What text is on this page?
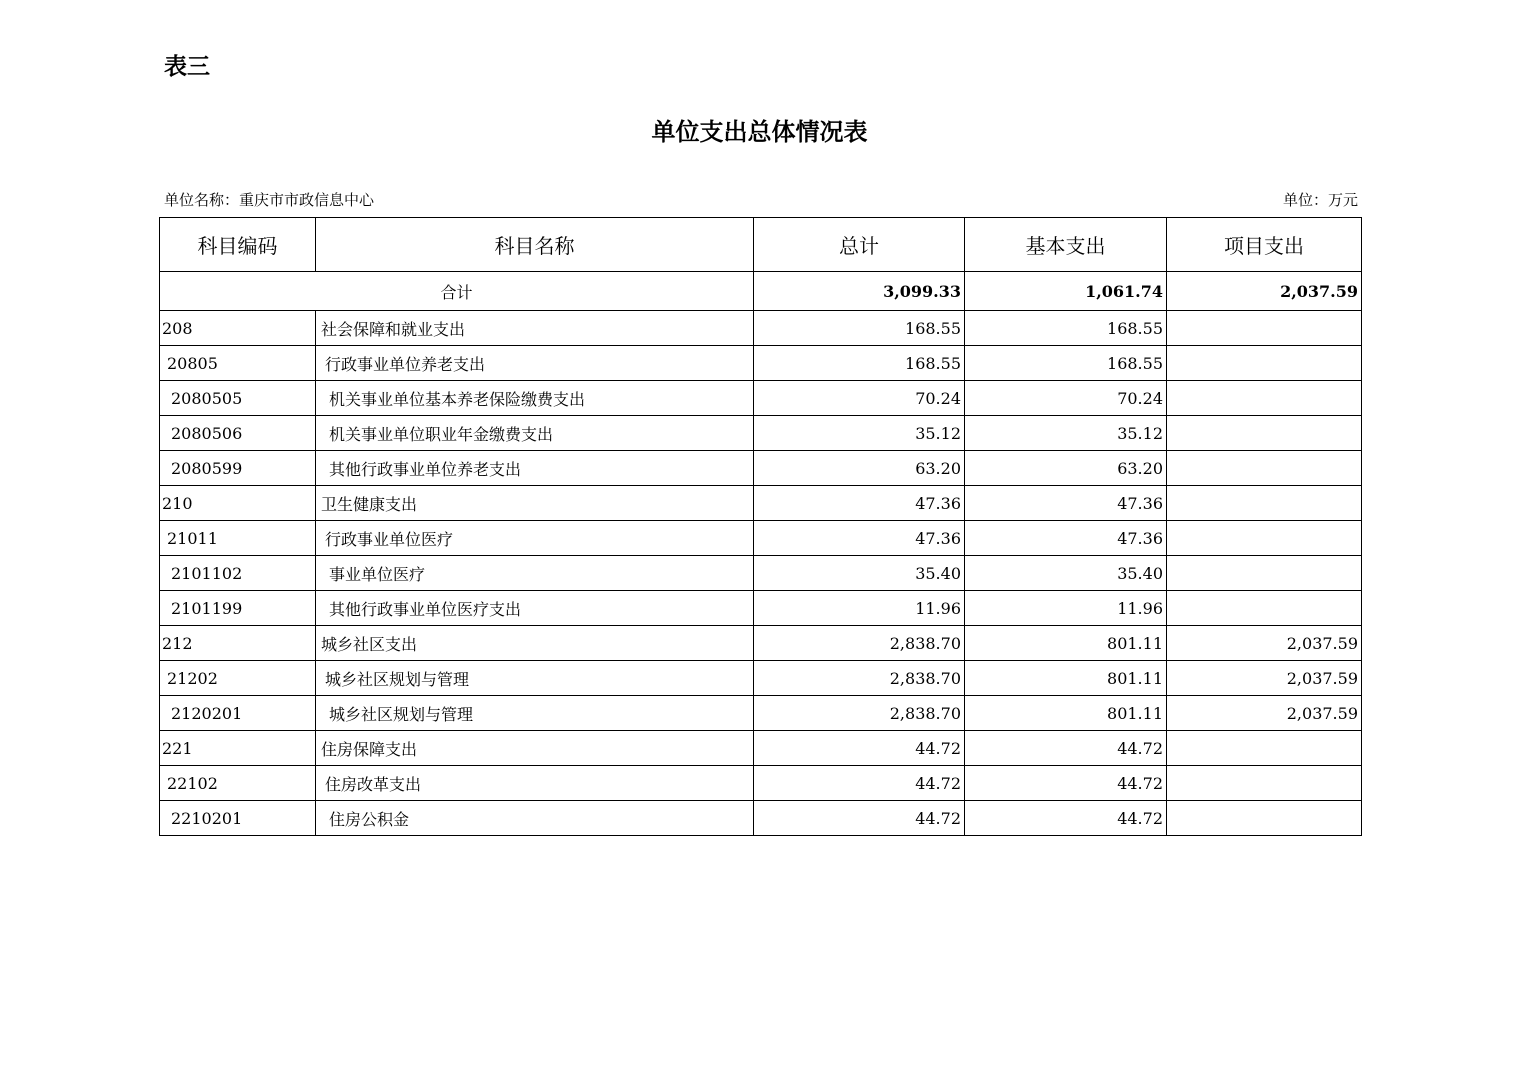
表三

单位支出总体情况表
单位名称：重庆市市政信息中心	单位：万元
科目编码	科目名称	总计	基本支出	项目支出
合计		3,099.33	1,061.74	2,037.59
208	社会保障和就业支出	168.55	168.55	
20805	行政事业单位养老支出	168.55	168.55	
2080505	机关事业单位基本养老保险缴费支出	70.24	70.24	
2080506	机关事业单位职业年金缴费支出	35.12	35.12	
2080599	其他行政事业单位养老支出	63.20	63.20	
210	卫生健康支出	47.36	47.36	
21011	行政事业单位医疗	47.36	47.36	
2101102	事业单位医疗	35.40	35.40	
2101199	其他行政事业单位医疗支出	11.96	11.96	
212	城乡社区支出	2,838.70	801.11	2,037.59
21202	城乡社区规划与管理	2,838.70	801.11	2,037.59
2120201	城乡社区规划与管理	2,838.70	801.11	2,037.59
221	住房保障支出	44.72	44.72	
22102	住房改革支出	44.72	44.72	
2210201	住房公积金	44.72	44.72	
